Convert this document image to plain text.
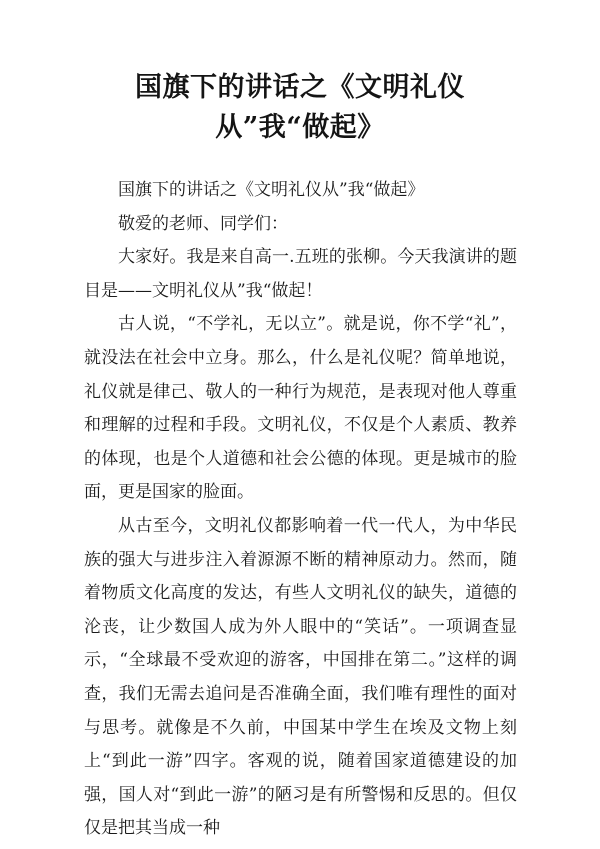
国旗下的讲话之《文明礼仪从”我“做起》

国旗下的讲话之《文明礼仪从”我“做起》

敬爱的老师、同学们：

大家好。我是来自高一.五班的张柳。今天我演讲的题目是——文明礼仪从”我“做起！

古人说，“不学礼，无以立”。就是说，你不学“礼”，就没法在社会中立身。那么，什么是礼仪呢？简单地说，礼仪就是律己、敬人的一种行为规范，是表现对他人尊重和理解的过程和手段。文明礼仪，不仅是个人素质、教养的体现，也是个人道德和社会公德的体现。更是城市的脸面，更是国家的脸面。

从古至今，文明礼仪都影响着一代一代人，为中华民族的强大与进步注入着源源不断的精神原动力。然而，随着物质文化高度的发达，有些人文明礼仪的缺失，道德的沦丧，让少数国人成为外人眼中的“笑话”。一项调查显示，“全球最不受欢迎的游客，中国排在第二。”这样的调查，我们无需去追问是否准确全面，我们唯有理性的面对与思考。就像是不久前，中国某中学生在埃及文物上刻上“到此一游”四字。客观的说，随着国家道德建设的加强，国人对“到此一游”的陋习是有所警惕和反思的。但仅仅是把其当成一种
